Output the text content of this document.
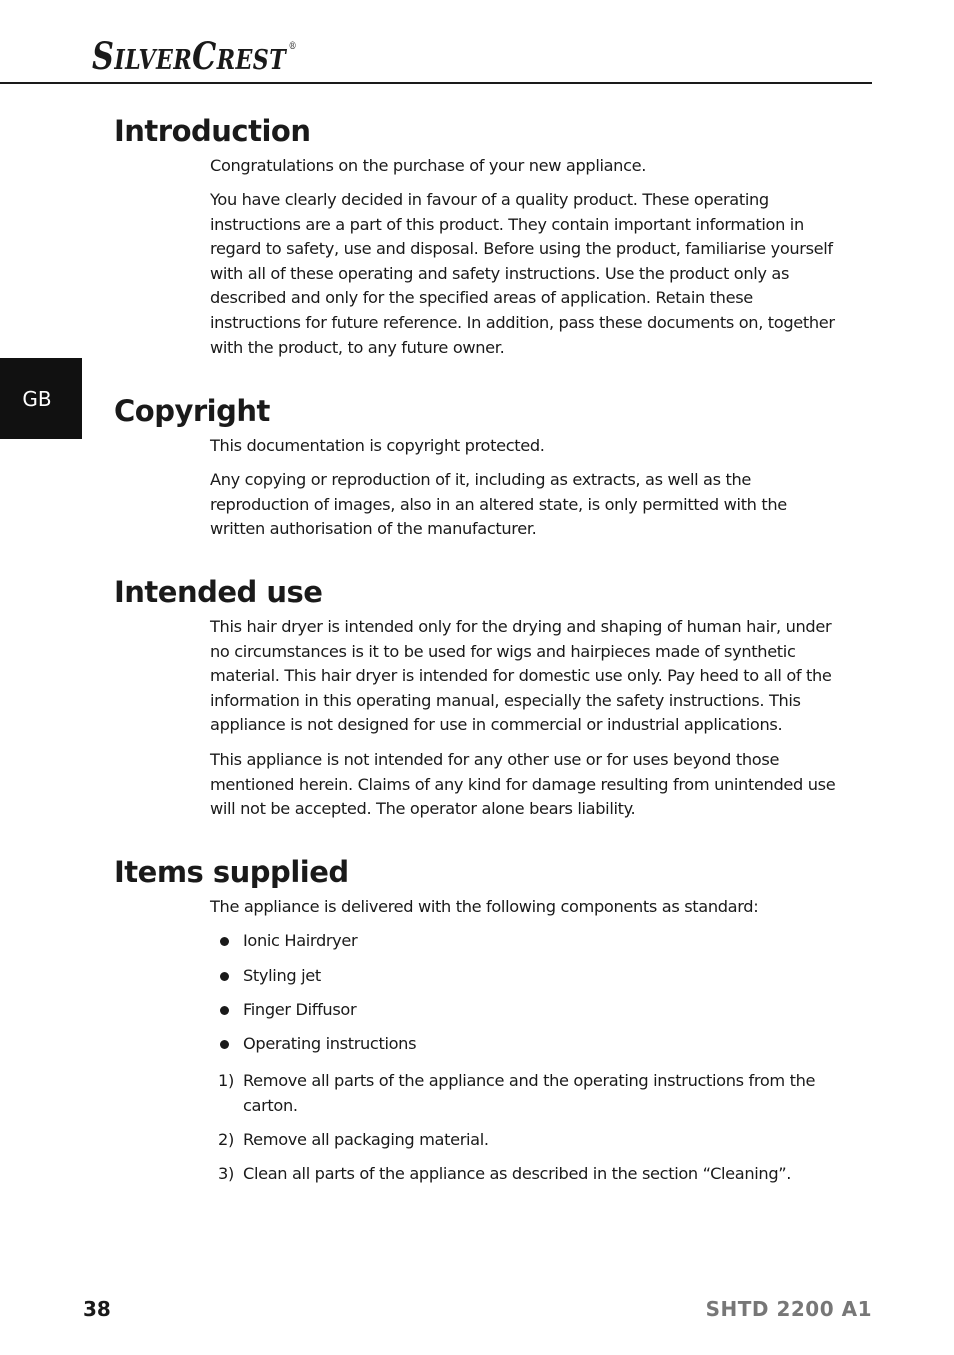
SILVERCREST ®
GB
Introduction

Congratulations on the purchase of your new appliance.

You have clearly decided in favour of a quality product. These operating instructions are a part of this product. They contain important information in regard to safety, use and disposal. Before using the product, familiarise yourself with all of these operating and safety instructions. Use the product only as described and only for the specified areas of application. Retain these instructions for future reference. In addition, pass these documents on, together with the product, to any future owner.

Copyright

This documentation is copyright protected.

Any copying or reproduction of it, including as extracts, as well as the reproduction of images, also in an altered state, is only permitted with the written authorisation of the manufacturer.

Intended use

This hair dryer is intended only for the drying and shaping of human hair, under no circumstances is it to be used for wigs and hairpieces made of synthetic material. This hair dryer is intended for domestic use only. Pay heed to all of the information in this operating manual, especially the safety instructions. This appliance is not designed for use in commercial or industrial applications.

This appliance is not intended for any other use or for uses beyond those mentioned herein. Claims of any kind for damage resulting from unintended use will not be accepted. The operator alone bears liability.

Items supplied

The appliance is delivered with the following components as standard:

Ionic Hairdryer
Styling jet
Finger Diffusor
Operating instructions
1) Remove all parts of the appliance and the operating instructions from the carton.
2) Remove all packaging material.
3) Clean all parts of the appliance as described in the section “Cleaning”.
38	SHTD 2200 A1
